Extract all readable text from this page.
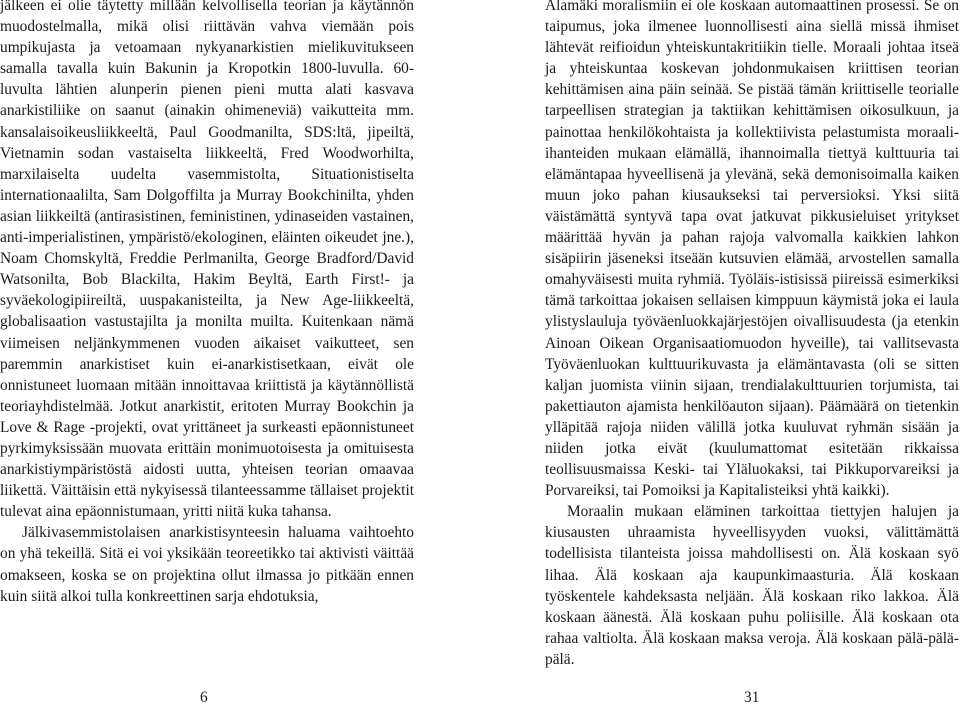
jälkeen ei olie täytetty millään kelvollisella teorian ja käytännön muodostelmalla, mikä olisi riittävän vahva viemään pois umpikujasta ja vetoamaan nykyanarkistien mielikuvitukseen samalla tavalla kuin Bakunin ja Kropotkin 1800-luvulla. 60-luvulta lähtien alunperin pienen pieni mutta alati kasvava anarkistiliike on saanut (ainakin ohimeneviä) vaikutteita mm. kansalaisoikeusliikkeeltä, Paul Goodmanilta, SDS:ltä, jipeiltä, Vietnamin sodan vastaiselta liikkeeltä, Fred Woodworhilta, marxilaiselta uudelta vasemmistolta, Situationistiselta internationaalilta, Sam Dolgoffilta ja Murray Bookchinilta, yhden asian liikkeiltä (antirasistinen, feministinen, ydinaseiden vastainen, anti-imperialistinen, ympäristö/ekologinen, eläinten oikeudet jne.), Noam Chomskyltä, Freddie Perlmanilta, George Bradford/David Watsonilta, Bob Blackilta, Hakim Beyltä, Earth First!- ja syväekologipiireiltä, uuspakanisteilta, ja New Age-liikkeeltä, globalisaation vastustajilta ja monilta muilta. Kuitenkaan nämä viimeisen neljänkymmenen vuoden aikaiset vaikutteet, sen paremmin anarkistiset kuin ei-anarkistisetkaan, eivät ole onnistuneet luomaan mitään innoittavaa kriittistä ja käytännöllistä teoriayhdistelmää. Jotkut anarkistit, eritoten Murray Bookchin ja Love & Rage -projekti, ovat yrittäneet ja surkeasti epäonnistuneet pyrkimyksissään muovata erittäin monimuotoisesta ja omituisesta anarkistiympäristöstä aidosti uutta, yhteisen teorian omaavaa liikettä. Väittäisin että nykyisessä tilanteessamme tällaiset projektit tulevat aina epäonnistumaan, yritti niitä kuka tahansa.

Jälkivasemmistolaisen anarkistisynteesin haluama vaihtoehto on yhä tekeillä. Sitä ei voi yksikään teoreetikko tai aktivisti väittää omakseen, koska se on projektina ollut ilmassa jo pitkään ennen kuin siitä alkoi tulla konkreettinen sarja ehdotuksia,

6

Alamäki moralismiin ei ole koskaan automaattinen prosessi. Se on taipumus, joka ilmenee luonnollisesti aina siellä missä ihmiset lähtevät reifioidun yhteiskuntakritiikin tielle. Moraali johtaa itseä ja yhteiskuntaa koskevan johdonmukaisen kriittisen teorian kehittämisen aina päin seinää. Se pistää tämän kriittiselle teorialle tarpeellisen strategian ja taktiikan kehittämisen oikosulkuun, ja painottaa henkilökohtaista ja kollektiivista pelastumista moraali-ihanteiden mukaan elämällä, ihannoimalla tiettyä kulttuuria tai elämäntapaa hyveellisenä ja ylevänä, sekä demonisoimalla kaiken muun joko pahan kiusaukseksi tai perversioksi. Yksi siitä väistämättä syntyvä tapa ovat jatkuvat pikkusieluiset yritykset määrittää hyvän ja pahan rajoja valvomalla kaikkien lahkon sisäpiirin jäseneksi itseään kutsuvien elämää, arvostellen samalla omahyväisesti muita ryhmiä. Työläis-istisissä piireissä esimerkiksi tämä tarkoittaa jokaisen sellaisen kimppuun käymistä joka ei laula ylistyslauluja työväenluokkajärjestöjen oivallisuudesta (ja etenkin Ainoan Oikean Organisaatiomuodon hyveille), tai vallitsevasta Työväenluokan kulttuurikuvasta ja elämäntavasta (oli se sitten kaljan juomista viinin sijaan, trendialakulttuurien torjumista, tai pakettiauton ajamista henkilöauton sijaan). Päämäärä on tietenkin ylläpitää rajoja niiden välillä jotka kuuluvat ryhmän sisään ja niiden jotka eivät (kuulumattomat esitetään rikkaissa teollisuusmaissa Keski- tai Yläluokaksi, tai Pikkuporvareiksi ja Porvareiksi, tai Pomoiksi ja Kapitalisteiksi yhtä kaikki).

Moraalin mukaan eläminen tarkoittaa tiettyjen halujen ja kiusausten uhraamista hyveellisyyden vuoksi, välittämättä todellisista tilanteista joissa mahdollisesti on. Älä koskaan syö lihaa. Älä koskaan aja kaupunkimaasturia. Älä koskaan työskentele kahdeksasta neljään. Älä koskaan riko lakkoa. Älä koskaan äänestä. Älä koskaan puhu poliisille. Älä koskaan ota rahaa valtiolta. Älä koskaan maksa veroja. Älä koskaan pälä-pälä-pälä.

31
